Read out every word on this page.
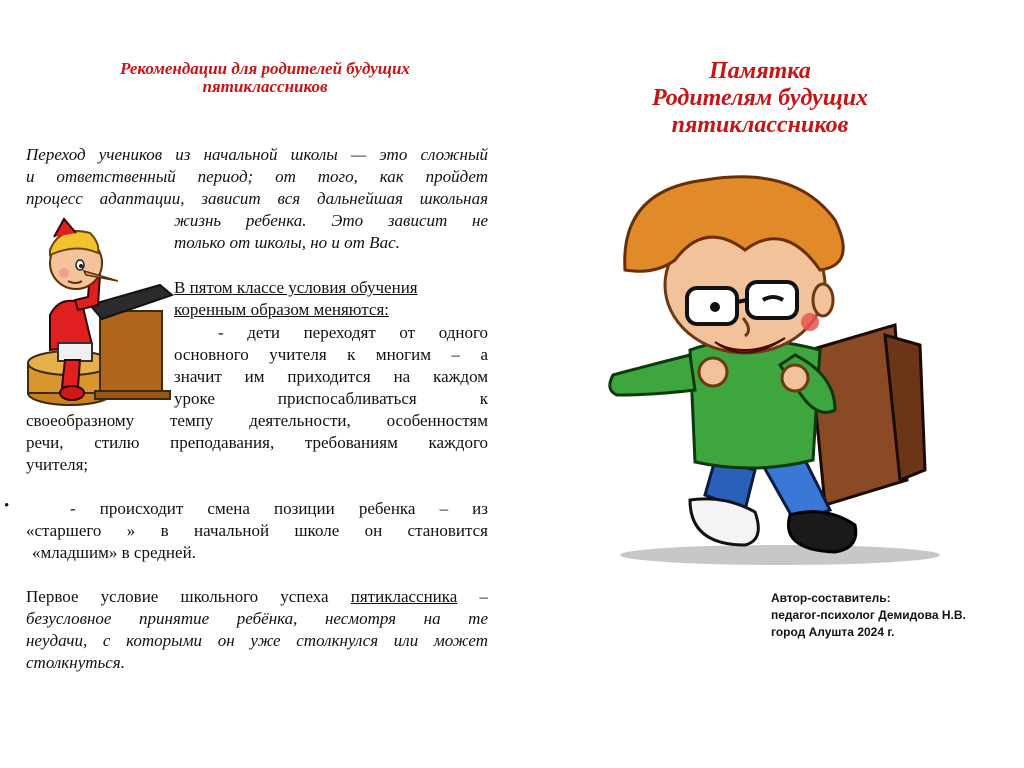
Рекомендации для родителей будущих
пятиклассников
Переход учеников из начальной школы — это сложный
и ответственный период; от того, как пройдет
процесс адаптации, зависит вся дальнейшая школьная
жизнь ребенка. Это зависит не
только от школы, но и от Вас.
В пятом классе условия обучения
коренным образом меняются:
- дети переходят от одного
основного учителя к многим – а
значит им приходится на каждом
уроке приспосабливаться к
своеобразному темпу деятельности, особенностям
речи, стилю преподавания, требованиям каждого
учителя;
•	- происходит смена позиции ребенка – из
«старшего » в начальной школе он становится
«младшим» в средней.
Первое условие школьного успеха пятиклассника –
безусловное принятие ребёнка, несмотря на те
неудачи, с которыми он уже столкнулся или может
столкнуться.
Памятка
Родителям будущих
пятиклассников
Автор-составитель:
педагог-психолог Демидова Н.В.
город Алушта 2024 г.
